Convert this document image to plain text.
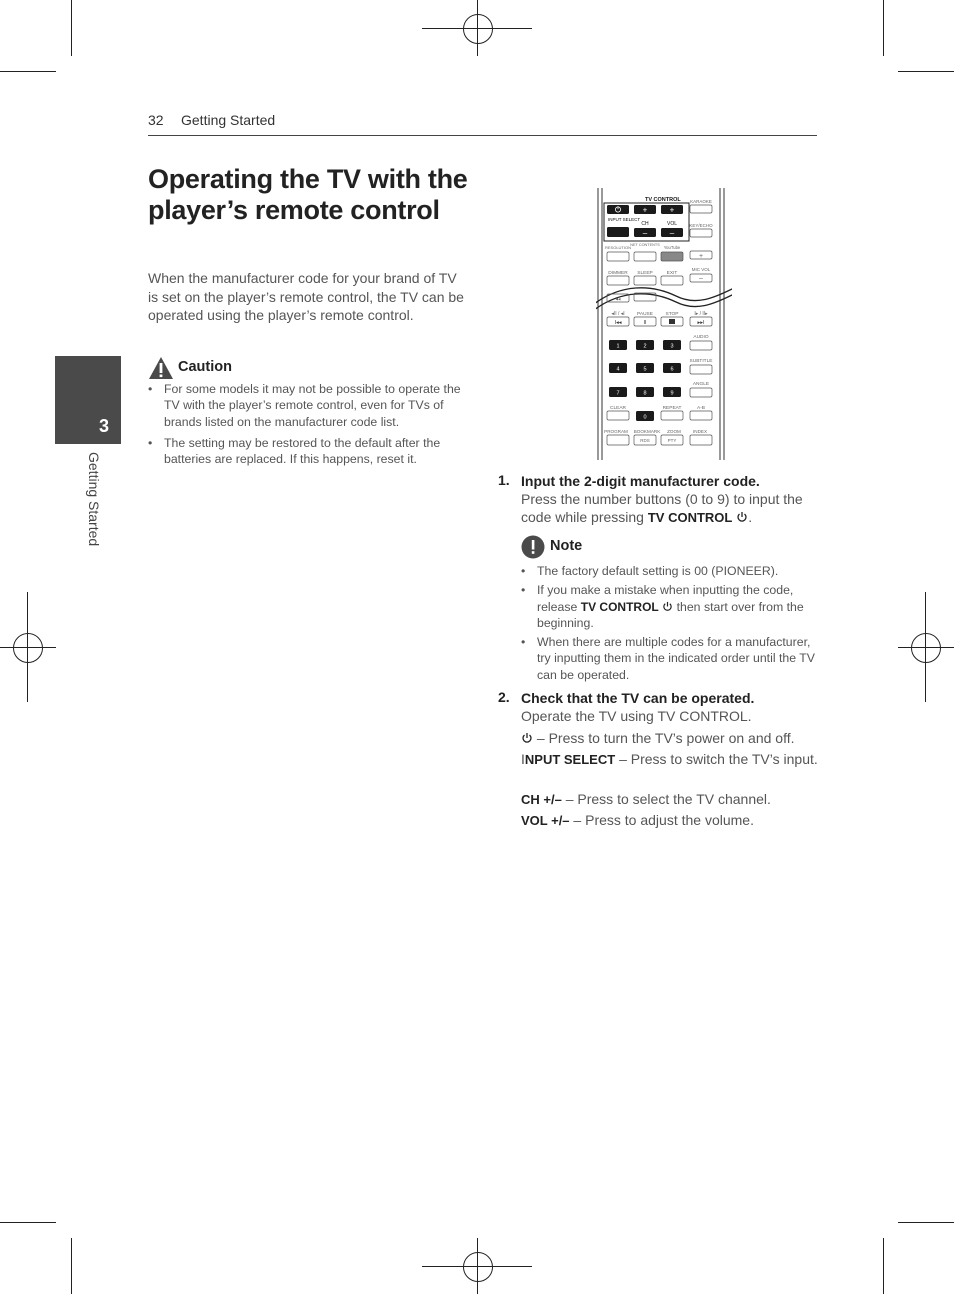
32 Getting Started
3
Getting Started
Operating the TV with the player’s remote control
When the manufacturer code for your brand of TV is set on the player’s remote control, the TV can be operated using the player’s remote control.
Caution
• For some models it may not be possible to operate the TV with the player’s remote control, even for TVs of brands listed on the manufacturer code list.
• The setting may be restored to the default after the batteries are replaced. If this happens, reset it.
TV CONTROL
+	+
INPUT SELECT
CH	VOL
–	–
KARAOKE
KEY/ECHO
RESOLUTION NET CONTENTS YouTube
+
MIC VOL
–
DIMMER SLEEP	EXIT
◂◂
◂II / ◂I	PAUSE	STOP	I▸ / II▸
I◂◂	II	▸▸I
AUDIO
SUBTITLE
ANGLE
1	2	3
4	5	6
7	8	9
CLEAR	REPEAT	A-B
0
PROGRAM BOOKMARK ZOOM	INDEX
RDS	PTY
1. Input the 2-digit manufacturer code.
Press the number buttons (0 to 9) to input the code while pressing TV CONTROL .
Note
• The factory default setting is 00 (PIONEER).
• If you make a mistake when inputting the code, release TV CONTROL  then start over from the beginning.
• When there are multiple codes for a manufacturer, try inputting them in the indicated order until the TV can be operated.
2. Check that the TV can be operated.
Operate the TV using TV CONTROL.
– Press to turn the TV’s power on and off.
INPUT SELECT – Press to switch the TV’s input.
CH +/– – Press to select the TV channel.
VOL +/– – Press to adjust the volume.
